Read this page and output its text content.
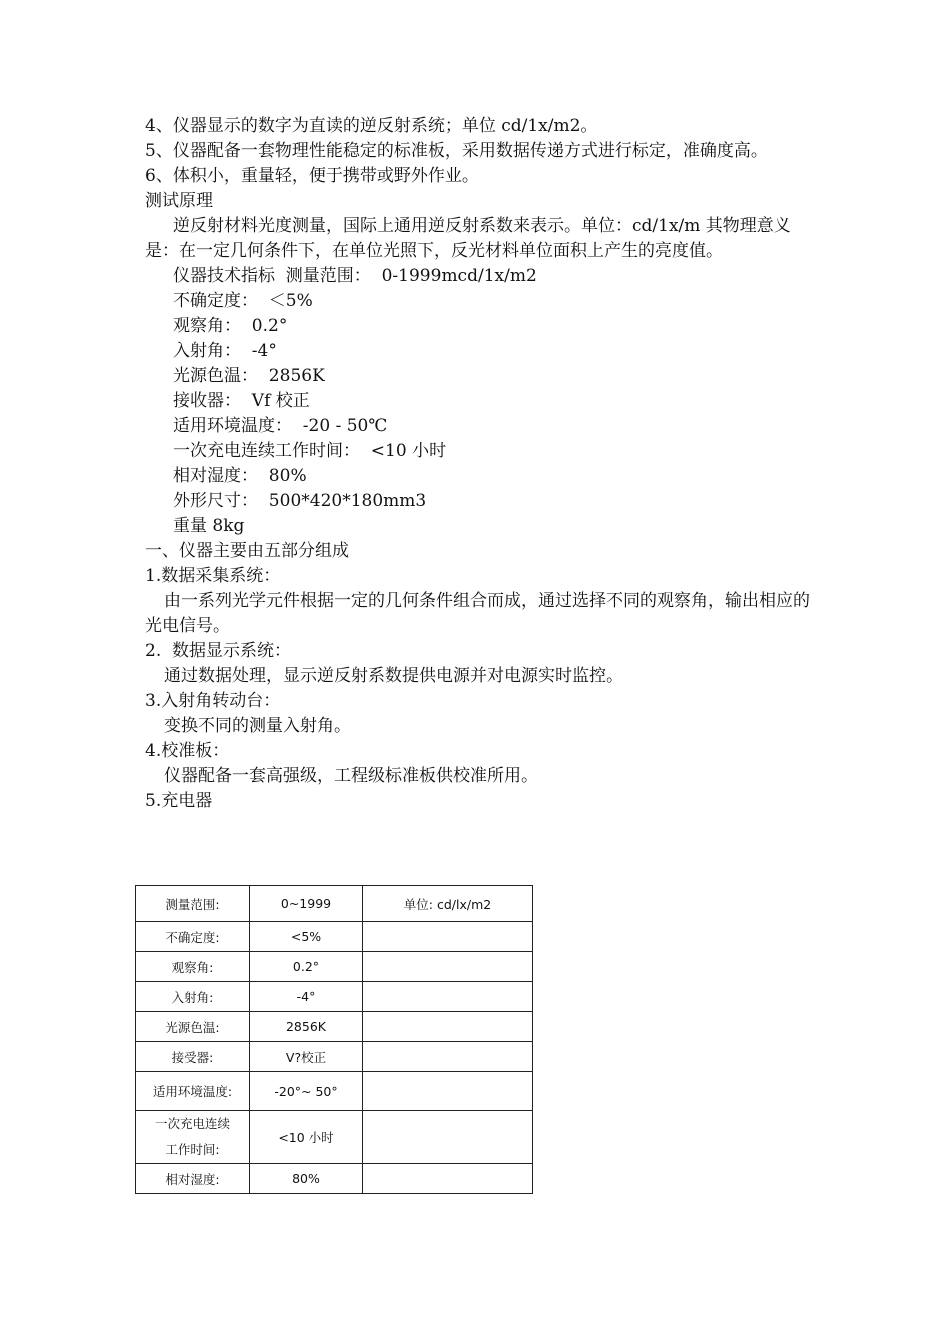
4、仪器显示的数字为直读的逆反射系统；单位 cd/1x/m2。

5、仪器配备一套物理性能稳定的标准板，采用数据传递方式进行标定，准确度高。

6、体积小，重量轻，便于携带或野外作业。

测试原理

逆反射材料光度测量，国际上通用逆反射系数来表示。单位：cd/1x/m 其物理意义是：在一定几何条件下，在单位光照下，反光材料单位面积上产生的亮度值。

仪器技术指标  测量范围：  0-1999mcd/1x/m2

不确定度：  ＜5%

观察角：  0.2°

入射角：  -4°

光源色温：  2856K

接收器：  Vf 校正

适用环境温度：  -20 - 50℃

一次充电连续工作时间：  <10 小时

相对湿度：  80%

外形尺寸：  500*420*180mm3

重量 8kg

一、仪器主要由五部分组成

1.数据采集系统：

由一系列光学元件根据一定的几何条件组合而成，通过选择不同的观察角，输出相应的光电信号。

2.  数据显示系统：

通过数据处理，显示逆反射系数提供电源并对电源实时监控。

3.入射角转动台：

变换不同的测量入射角。

4.校准板：

仪器配备一套高强级，工程级标准板供校准所用。

5.充电器

测量范围:	0~1999	单位: cd/lx/m2
不确定度:	<5%	
观察角:	0.2°	
入射角:	-4°	
光源色温:	2856K	
接受器:	V?校正	
适用环境温度:	-20°~ 50°	

一次充电连续
工作时间:	<10 小时	
相对湿度:	80%	
